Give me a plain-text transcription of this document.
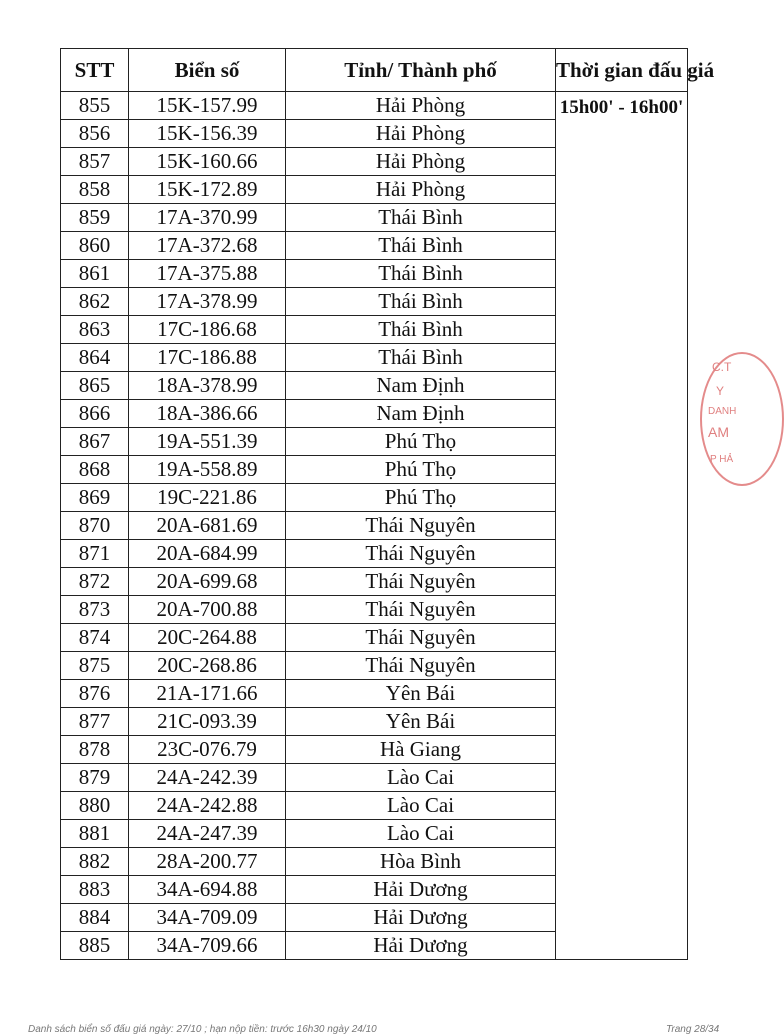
STT	Biển số	Tỉnh/ Thành phố	Thời gian đấu giá
855	15K-157.99	Hải Phòng	15h00' - 16h00'
856	15K-156.39	Hải Phòng	
857	15K-160.66	Hải Phòng	
858	15K-172.89	Hải Phòng	
859	17A-370.99	Thái Bình	
860	17A-372.68	Thái Bình	
861	17A-375.88	Thái Bình	
862	17A-378.99	Thái Bình	
863	17C-186.68	Thái Bình	
864	17C-186.88	Thái Bình	
865	18A-378.99	Nam Định	
866	18A-386.66	Nam Định	
867	19A-551.39	Phú Thọ	
868	19A-558.89	Phú Thọ	
869	19C-221.86	Phú Thọ	
870	20A-681.69	Thái Nguyên	
871	20A-684.99	Thái Nguyên	
872	20A-699.68	Thái Nguyên	
873	20A-700.88	Thái Nguyên	
874	20C-264.88	Thái Nguyên	
875	20C-268.86	Thái Nguyên	
876	21A-171.66	Yên Bái	
877	21C-093.39	Yên Bái	
878	23C-076.79	Hà Giang	
879	24A-242.39	Lào Cai	
880	24A-242.88	Lào Cai	
881	24A-247.39	Lào Cai	
882	28A-200.77	Hòa Bình	
883	34A-694.88	Hải Dương	
884	34A-709.09	Hải Dương	
885	34A-709.66	Hải Dương	
C.T
Y
DANH
AM
P HẢ
Danh sách biển số đấu giá ngày: 27/10 ; hạn nộp tiền: trước 16h30 ngày 24/10	Trang 28/34
